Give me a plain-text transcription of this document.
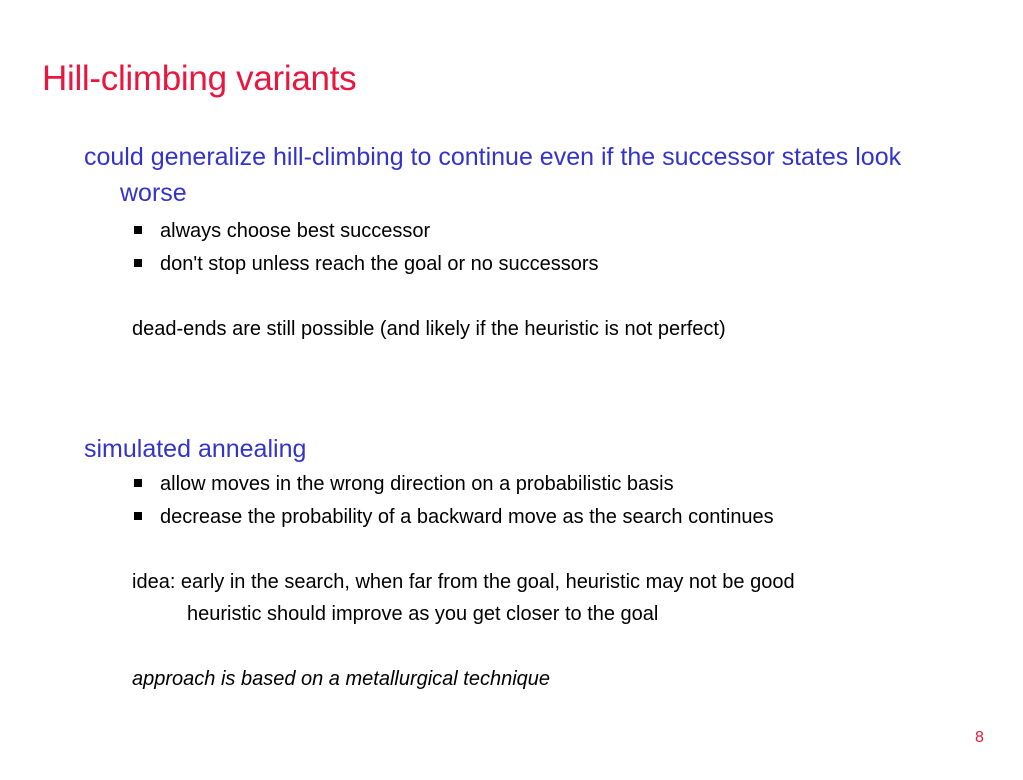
Hill-climbing variants
could generalize hill-climbing to continue even if the successor states look
worse
always choose best successor
don't stop unless reach the goal or no successors
dead-ends are still possible (and likely if the heuristic is not perfect)
simulated annealing
allow moves in the wrong direction on a probabilistic basis
decrease the probability of a backward move as the search continues
idea: early in the search, when far from the goal, heuristic may not be good
heuristic should improve as you get closer to the goal
approach is based on a metallurgical technique
8
